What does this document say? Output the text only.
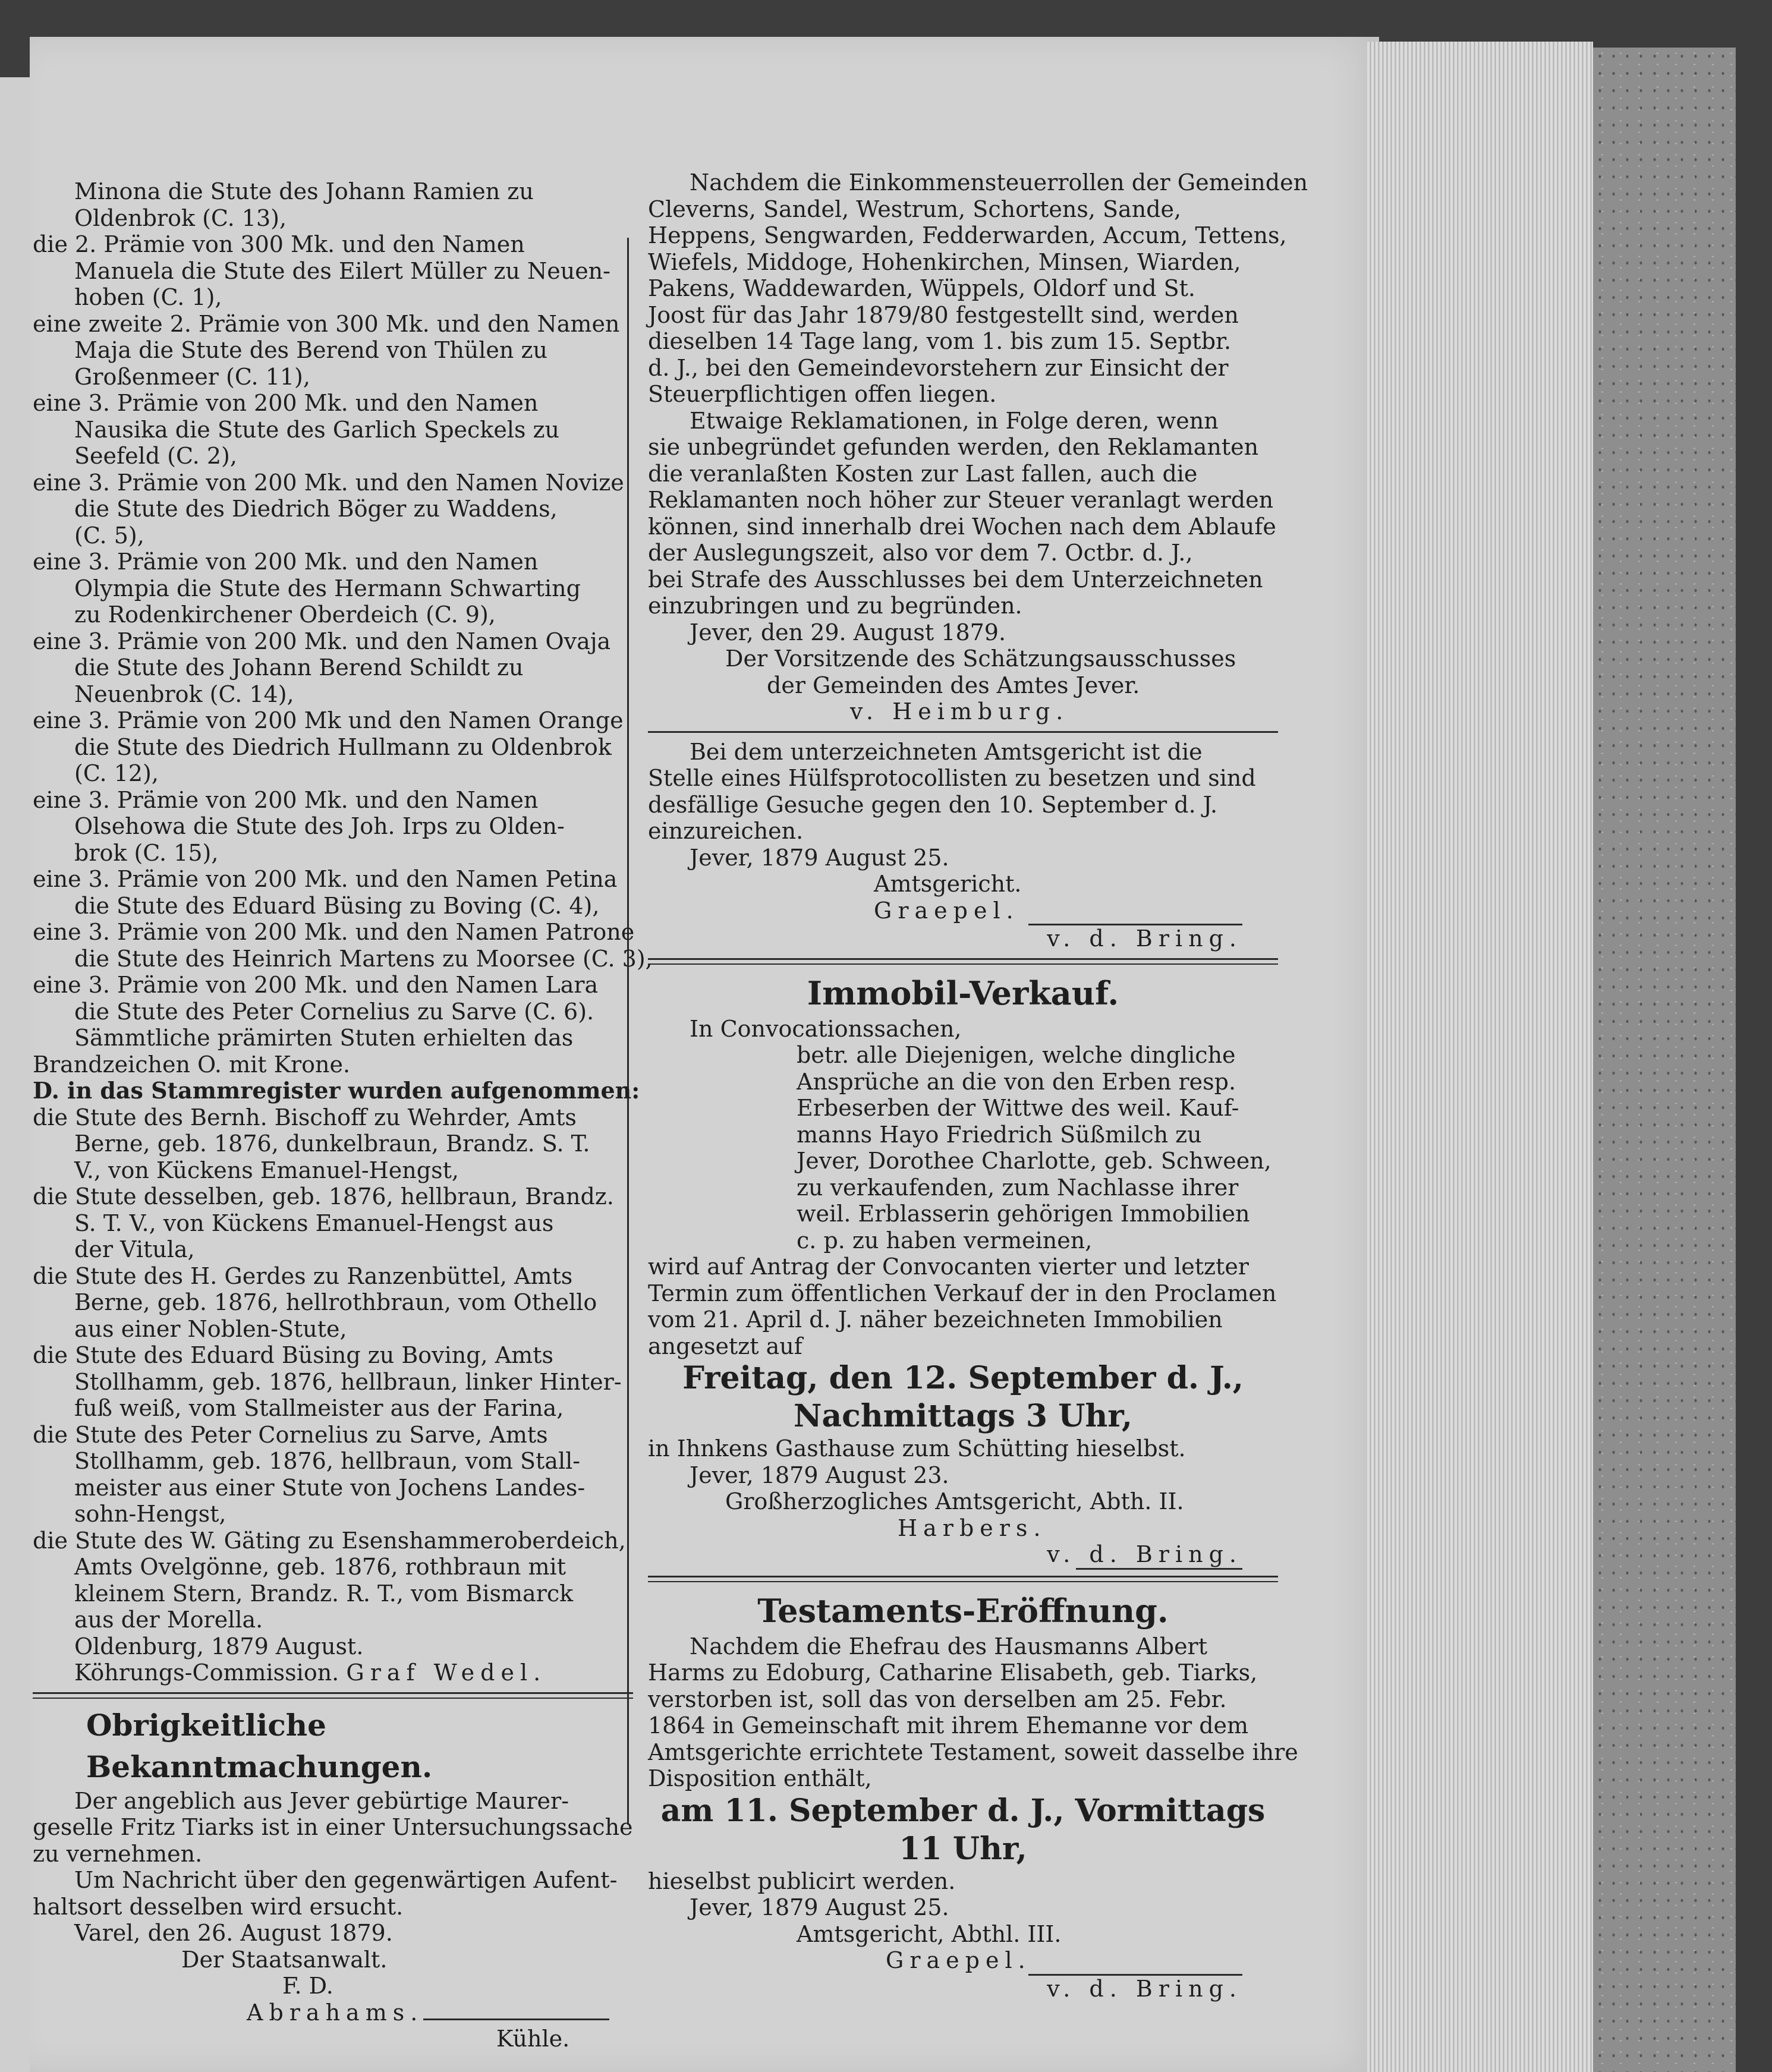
Minona die Stute des Johann Ramien zu
Oldenbrok (C. 13),
die 2. Prämie von 300 Mk. und den Namen
Manuela die Stute des Eilert Müller zu Neuen-
hoben (C. 1),
eine zweite 2. Prämie von 300 Mk. und den Namen
Maja die Stute des Berend von Thülen zu
Großenmeer (C. 11),
eine 3. Prämie von 200 Mk. und den Namen
Nausika die Stute des Garlich Speckels zu
Seefeld (C. 2),
eine 3. Prämie von 200 Mk. und den Namen Novize
die Stute des Diedrich Böger zu Waddens,
(C. 5),
eine 3. Prämie von 200 Mk. und den Namen
Olympia die Stute des Hermann Schwarting
zu Rodenkirchener Oberdeich (C. 9),
eine 3. Prämie von 200 Mk. und den Namen Ovaja
die Stute des Johann Berend Schildt zu
Neuenbrok (C. 14),
eine 3. Prämie von 200 Mk und den Namen Orange
die Stute des Diedrich Hullmann zu Oldenbrok
(C. 12),
eine 3. Prämie von 200 Mk. und den Namen
Olsehowa die Stute des Joh. Irps zu Olden-
brok (C. 15),
eine 3. Prämie von 200 Mk. und den Namen Petina
die Stute des Eduard Büsing zu Boving (C. 4),
eine 3. Prämie von 200 Mk. und den Namen Patrone
die Stute des Heinrich Martens zu Moorsee (C. 3),
eine 3. Prämie von 200 Mk. und den Namen Lara
die Stute des Peter Cornelius zu Sarve (C. 6).
Sämmtliche prämirten Stuten erhielten das
Brandzeichen O. mit Krone.
D. in das Stammregister wurden aufgenommen:
die Stute des Bernh. Bischoff zu Wehrder, Amts
Berne, geb. 1876, dunkelbraun, Brandz. S. T.
V., von Kückens Emanuel-Hengst,
die Stute desselben, geb. 1876, hellbraun, Brandz.
S. T. V., von Kückens Emanuel-Hengst aus
der Vitula,
die Stute des H. Gerdes zu Ranzenbüttel, Amts
Berne, geb. 1876, hellrothbraun, vom Othello
aus einer Noblen-Stute,
die Stute des Eduard Büsing zu Boving, Amts
Stollhamm, geb. 1876, hellbraun, linker Hinter-
fuß weiß, vom Stallmeister aus der Farina,
die Stute des Peter Cornelius zu Sarve, Amts
Stollhamm, geb. 1876, hellbraun, vom Stall-
meister aus einer Stute von Jochens Landes-
sohn-Hengst,
die Stute des W. Gäting zu Esenshammeroberdeich,
Amts Ovelgönne, geb. 1876, rothbraun mit
kleinem Stern, Brandz. R. T., vom Bismarck
aus der Morella.
Oldenburg, 1879 August.
Köhrungs-Commission. Graf Wedel.
Obrigkeitliche Bekanntmachungen.
Der angeblich aus Jever gebürtige Maurer-
geselle Fritz Tiarks ist in einer Untersuchungssache
zu vernehmen.
Um Nachricht über den gegenwärtigen Aufent-
haltsort desselben wird ersucht.
Varel, den 26. August 1879.
Der Staatsanwalt.
F. D.
Abrahams.
Kühle.
Nachdem die Einkommensteuerrollen der Gemeinden
Cleverns, Sandel, Westrum, Schortens, Sande,
Heppens, Sengwarden, Fedderwarden, Accum, Tettens,
Wiefels, Middoge, Hohenkirchen, Minsen, Wiarden,
Pakens, Waddewarden, Wüppels, Oldorf und St.
Joost für das Jahr 1879/80 festgestellt sind, werden
dieselben 14 Tage lang, vom 1. bis zum 15. Septbr.
d. J., bei den Gemeindevorstehern zur Einsicht der
Steuerpflichtigen offen liegen.
Etwaige Reklamationen, in Folge deren, wenn
sie unbegründet gefunden werden, den Reklamanten
die veranlaßten Kosten zur Last fallen, auch die
Reklamanten noch höher zur Steuer veranlagt werden
können, sind innerhalb drei Wochen nach dem Ablaufe
der Auslegungszeit, also vor dem 7. Octbr. d. J.,
bei Strafe des Ausschlusses bei dem Unterzeichneten
einzubringen und zu begründen.
Jever, den 29. August 1879.
Der Vorsitzende des Schätzungsausschusses
der Gemeinden des Amtes Jever.
v. Heimburg.
Bei dem unterzeichneten Amtsgericht ist die
Stelle eines Hülfsprotocollisten zu besetzen und sind
desfällige Gesuche gegen den 10. September d. J.
einzureichen.
Jever, 1879 August 25.
Amtsgericht.
Graepel.
v. d. Bring.
Immobil-Verkauf.
In Convocationssachen,
betr. alle Diejenigen, welche dingliche
Ansprüche an die von den Erben resp.
Erbeserben der Wittwe des weil. Kauf-
manns Hayo Friedrich Süßmilch zu
Jever, Dorothee Charlotte, geb. Schween,
zu verkaufenden, zum Nachlasse ihrer
weil. Erblasserin gehörigen Immobilien
c. p. zu haben vermeinen,
wird auf Antrag der Convocanten vierter und letzter
Termin zum öffentlichen Verkauf der in den Proclamen
vom 21. April d. J. näher bezeichneten Immobilien
angesetzt auf
Freitag, den 12. September d. J.,
Nachmittags 3 Uhr,
in Ihnkens Gasthause zum Schütting hieselbst.
Jever, 1879 August 23.
Großherzogliches Amtsgericht, Abth. II.
Harbers.
v. d. Bring.
Testaments-Eröffnung.
Nachdem die Ehefrau des Hausmanns Albert
Harms zu Edoburg, Catharine Elisabeth, geb. Tiarks,
verstorben ist, soll das von derselben am 25. Febr.
1864 in Gemeinschaft mit ihrem Ehemanne vor dem
Amtsgerichte errichtete Testament, soweit dasselbe ihre
Disposition enthält,
am 11. September d. J., Vormittags
11 Uhr,
hieselbst publicirt werden.
Jever, 1879 August 25.
Amtsgericht, Abthl. III.
Graepel.
v. d. Bring.
